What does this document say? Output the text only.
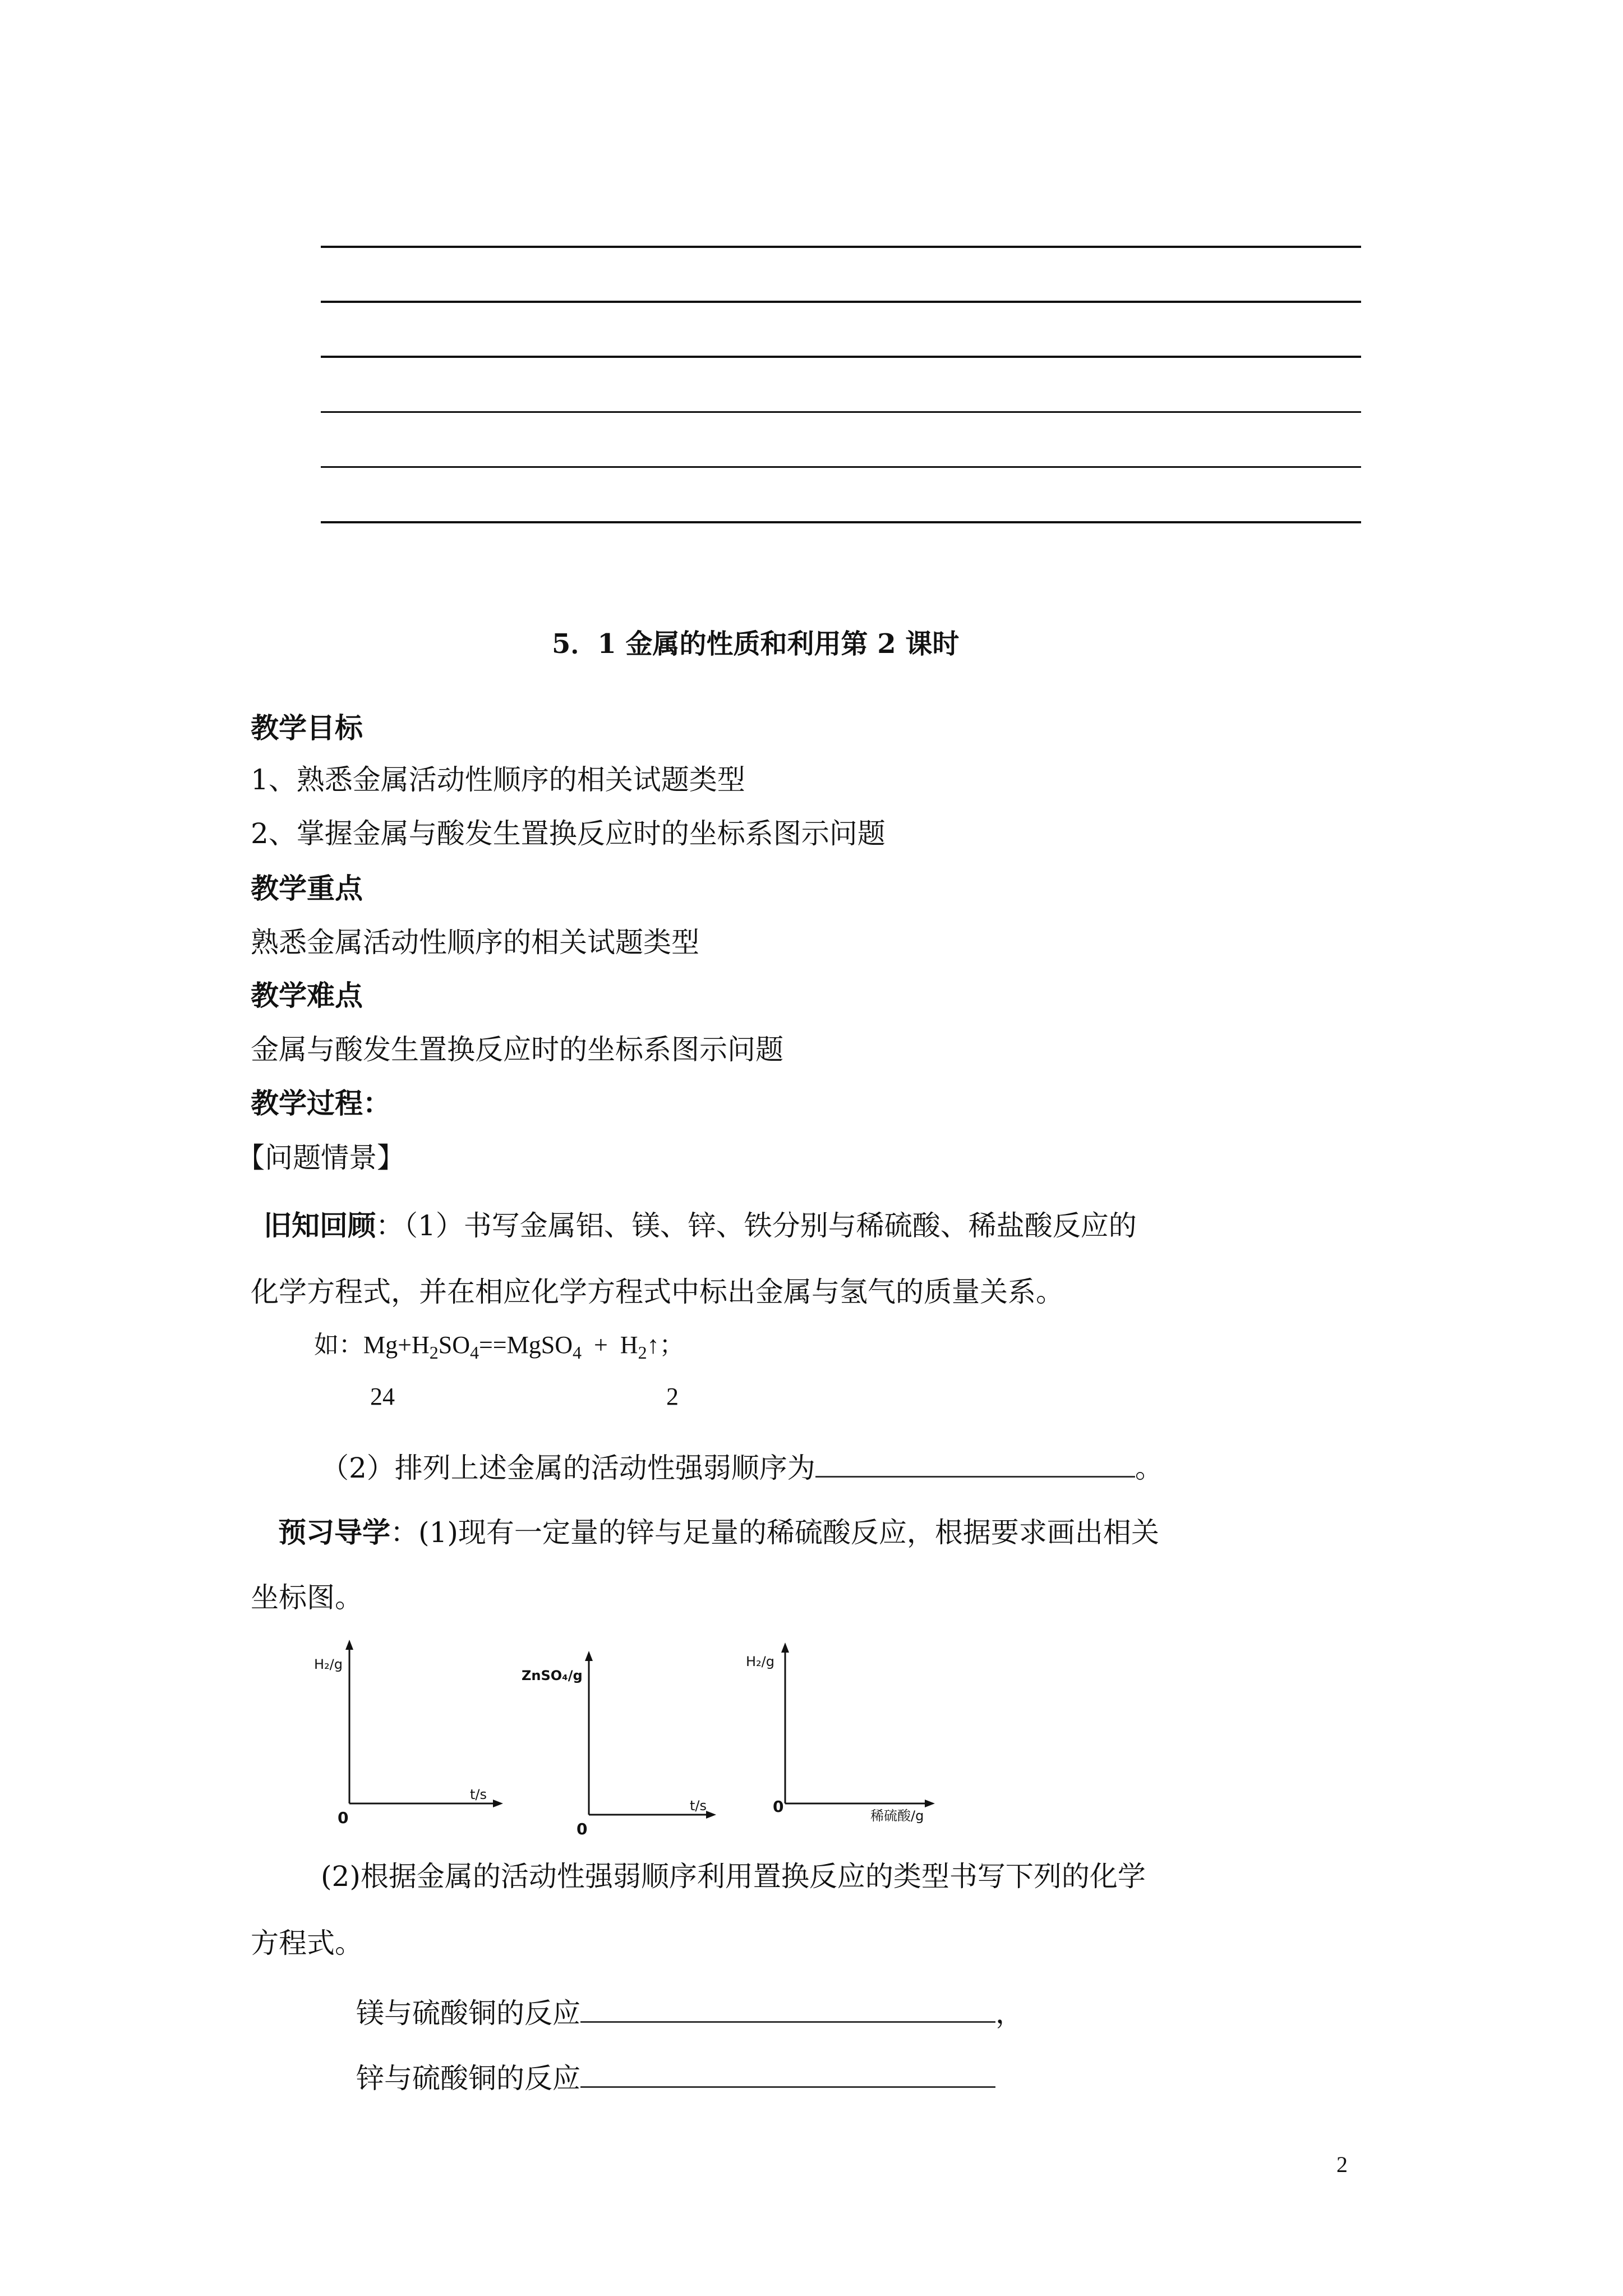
5．1 金属的性质和利用第 2 课时
教学目标
1、熟悉金属活动性顺序的相关试题类型
2、掌握金属与酸发生置换反应时的坐标系图示问题
教学重点
熟悉金属活动性顺序的相关试题类型
教学难点
金属与酸发生置换反应时的坐标系图示问题
教学过程：
【问题情景】
旧知回顾：（1）书写金属铝、镁、锌、铁分别与稀硫酸、稀盐酸反应的
化学方程式，并在相应化学方程式中标出金属与氢气的质量关系。
如：$Mg+H_2SO_4==MgSO_4$  +  $H_2↑$；
24	2
（2）排列上述金属的活动性强弱顺序为	。
预习导学：(1)现有一定量的锌与足量的稀硫酸反应，根据要求画出相关
坐标图。
H₂/g
t/s
0
ZnSO₄/g
t/s
0
H₂/g
稀硫酸/g
0
(2)根据金属的活动性强弱顺序利用置换反应的类型书写下列的化学
方程式。
镁与硫酸铜的反应	，
锌与硫酸铜的反应
2
